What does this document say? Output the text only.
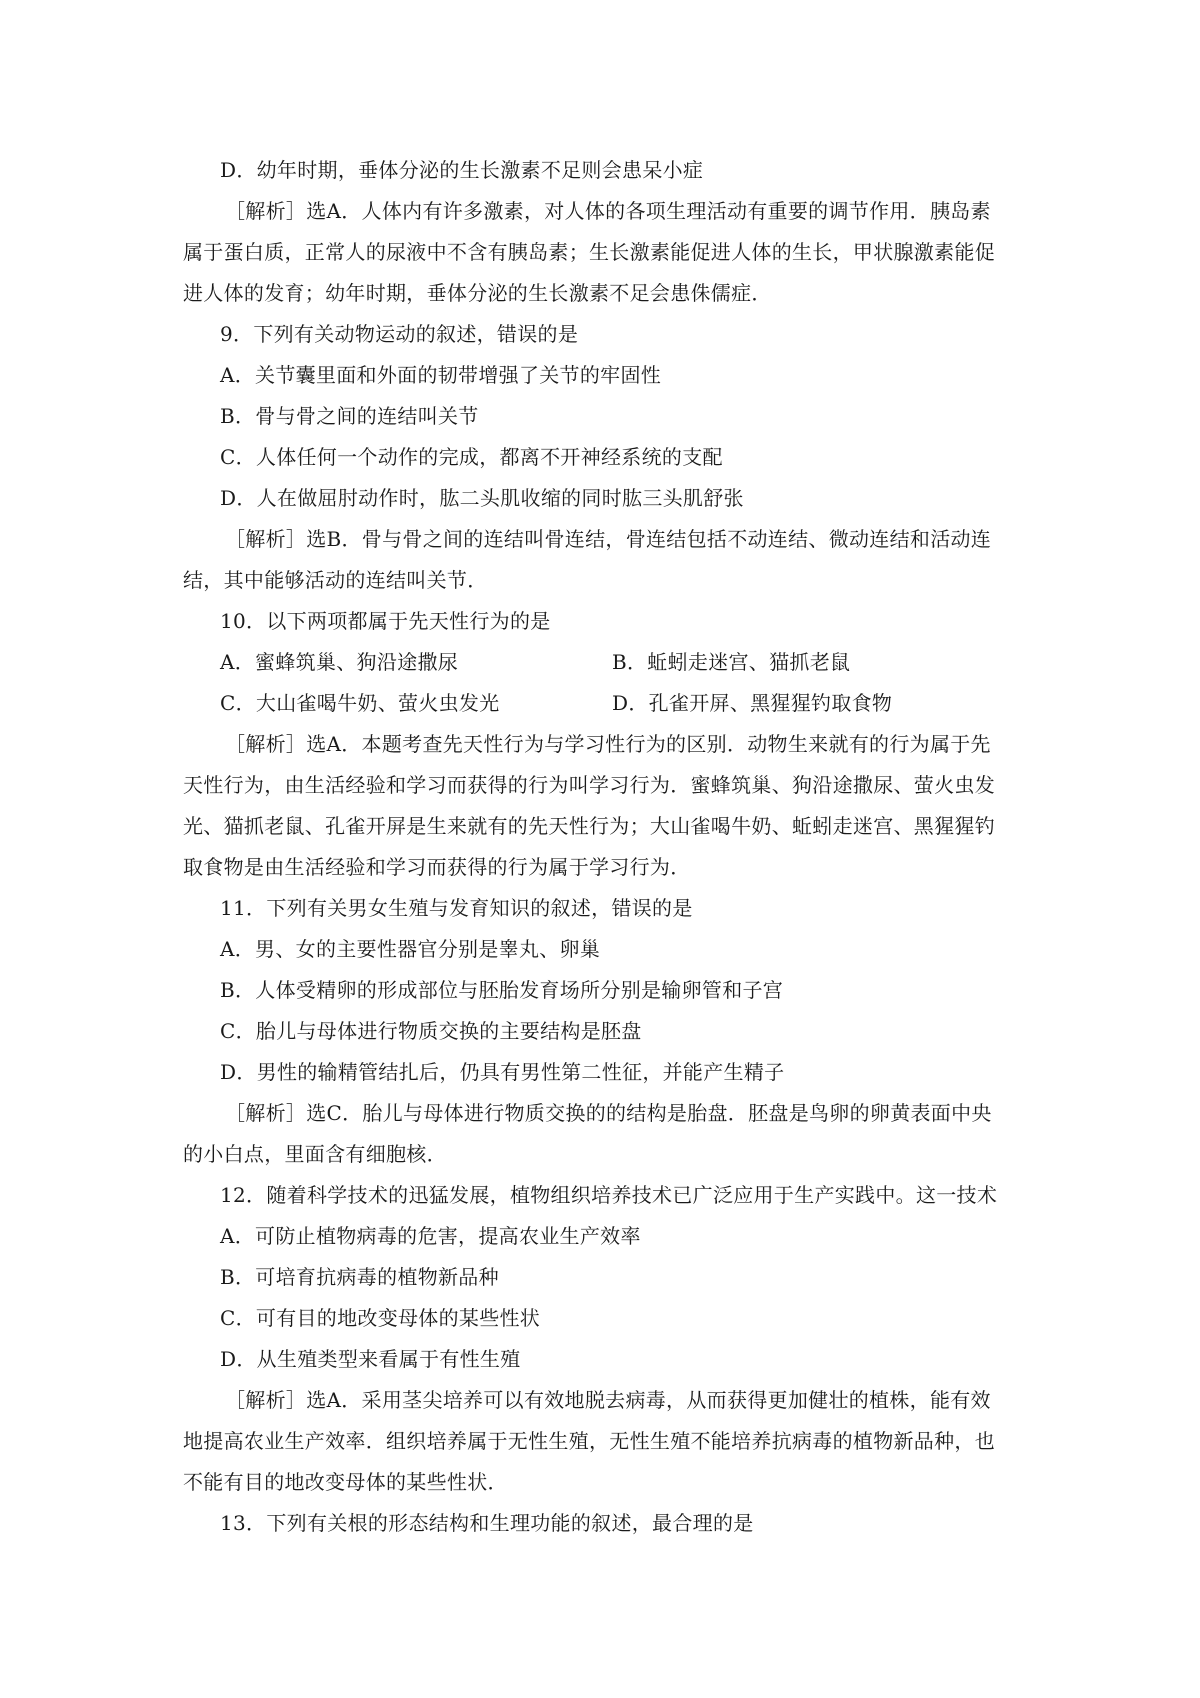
D．幼年时期，垂体分泌的生长激素不足则会患呆小症
［解析］选A．人体内有许多激素，对人体的各项生理活动有重要的调节作用．胰岛素
属于蛋白质，正常人的尿液中不含有胰岛素；生长激素能促进人体的生长，甲状腺激素能促
进人体的发育；幼年时期，垂体分泌的生长激素不足会患侏儒症．
9．下列有关动物运动的叙述，错误的是
A．关节囊里面和外面的韧带增强了关节的牢固性
B．骨与骨之间的连结叫关节
C．人体任何一个动作的完成，都离不开神经系统的支配
D．人在做屈肘动作时，肱二头肌收缩的同时肱三头肌舒张
［解析］选B．骨与骨之间的连结叫骨连结，骨连结包括不动连结、微动连结和活动连
结，其中能够活动的连结叫关节．
10．以下两项都属于先天性行为的是
A．蜜蜂筑巢、狗沿途撒尿	B．蚯蚓走迷宫、猫抓老鼠
C．大山雀喝牛奶、萤火虫发光	D．孔雀开屏、黑猩猩钓取食物
［解析］选A．本题考查先天性行为与学习性行为的区别．动物生来就有的行为属于先
天性行为，由生活经验和学习而获得的行为叫学习行为．蜜蜂筑巢、狗沿途撒尿、萤火虫发
光、猫抓老鼠、孔雀开屏是生来就有的先天性行为；大山雀喝牛奶、蚯蚓走迷宫、黑猩猩钓
取食物是由生活经验和学习而获得的行为属于学习行为．
11．下列有关男女生殖与发育知识的叙述，错误的是
A．男、女的主要性器官分别是睾丸、卵巢
B．人体受精卵的形成部位与胚胎发育场所分别是输卵管和子宫
C．胎儿与母体进行物质交换的主要结构是胚盘
D．男性的输精管结扎后，仍具有男性第二性征，并能产生精子
［解析］选C．胎儿与母体进行物质交换的的结构是胎盘．胚盘是鸟卵的卵黄表面中央
的小白点，里面含有细胞核．
12．随着科学技术的迅猛发展，植物组织培养技术已广泛应用于生产实践中。这一技术
A．可防止植物病毒的危害，提高农业生产效率
B．可培育抗病毒的植物新品种
C．可有目的地改变母体的某些性状
D．从生殖类型来看属于有性生殖
［解析］选A．采用茎尖培养可以有效地脱去病毒，从而获得更加健壮的植株，能有效
地提高农业生产效率．组织培养属于无性生殖，无性生殖不能培养抗病毒的植物新品种，也
不能有目的地改变母体的某些性状．
13．下列有关根的形态结构和生理功能的叙述，最合理的是
